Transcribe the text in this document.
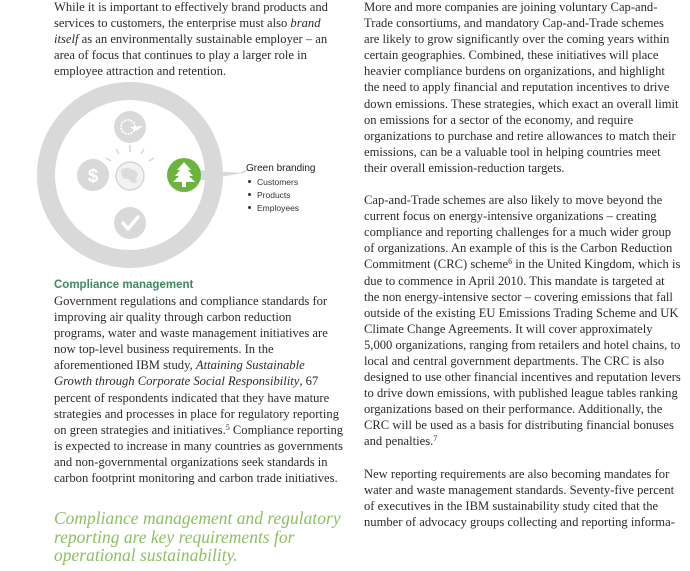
While it is important to effectively brand products and services to customers, the enterprise must also brand itself as an environmentally sustainable employer – an area of focus that continues to play a larger role in employee attraction and retention.

$	Green branding
Customers
Products
Employees
Compliance management

Government regulations and compliance standards for improving air quality through carbon reduction programs, water and waste management initiatives are now top-level business requirements. In the aforementioned IBM study, Attaining Sustainable Growth through Corporate Social Responsibility, 67 percent of respondents indicated that they have mature strategies and processes in place for regulatory reporting on green strategies and initiatives.$^5$ Compliance reporting is expected to increase in many countries as governments and non-governmental organizations seek standards in carbon footprint monitoring and carbon trade initiatives.

Compliance management and regulatory reporting are key requirements for operational sustainability.

More and more companies are joining voluntary Cap-and-Trade consortiums, and mandatory Cap-and-Trade schemes are likely to grow significantly over the coming years within certain geographies. Combined, these initiatives will place heavier compliance burdens on organizations, and highlight the need to apply financial and reputation incentives to drive down emissions. These strategies, which exact an overall limit on emissions for a sector of the economy, and require organizations to purchase and retire allowances to match their emissions, can be a valuable tool in helping countries meet their overall emission-reduction targets.

Cap-and-Trade schemes are also likely to move beyond the current focus on energy-intensive organizations – creating compliance and reporting challenges for a much wider group of organizations. An example of this is the Carbon Reduction Commitment (CRC) scheme$^6$ in the United Kingdom, which is due to commence in April 2010. This mandate is targeted at the non energy-intensive sector – covering emissions that fall outside of the existing EU Emissions Trading Scheme and UK Climate Change Agreements. It will cover approximately 5,000 organizations, ranging from retailers and hotel chains, to local and central government departments. The CRC is also designed to use other financial incentives and reputation levers to drive down emissions, with published league tables ranking organizations based on their performance. Additionally, the CRC will be used as a basis for distributing financial bonuses and penalties.$^7$

New reporting requirements are also becoming mandates for water and waste management standards. Seventy-five percent of executives in the IBM sustainability study cited that the number of advocacy groups collecting and reporting informa-
